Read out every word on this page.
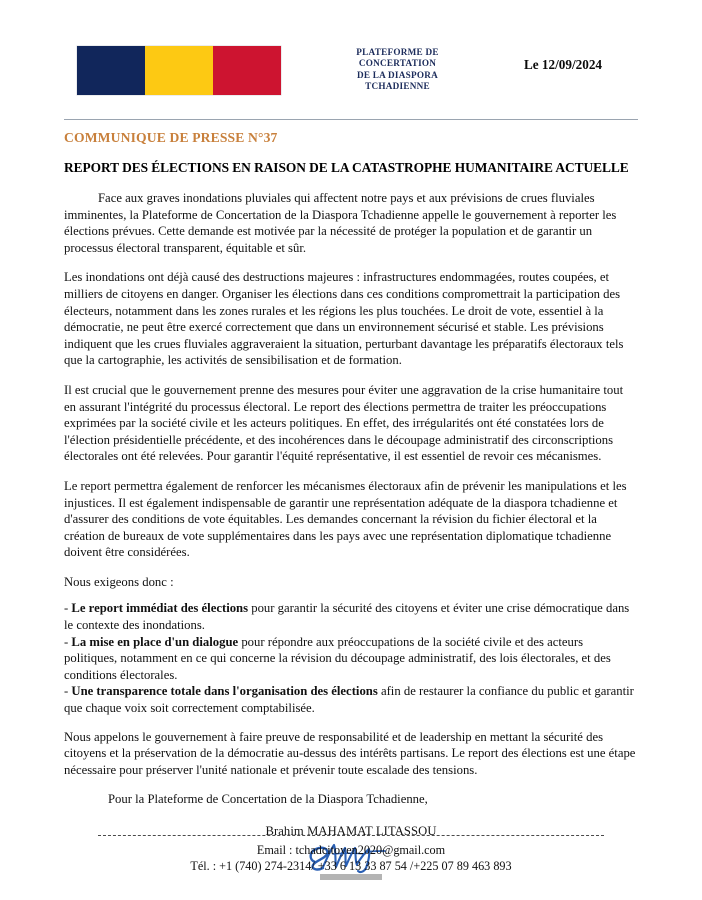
PLATEFORME DE
CONCERTATION
DE LA DIASPORA
TCHADIENNE
Le 12/09/2024
COMMUNIQUE DE PRESSE N°37
REPORT DES ÉLECTIONS EN RAISON DE LA CATASTROPHE HUMANITAIRE ACTUELLE

Face aux graves inondations pluviales qui affectent notre pays et aux prévisions de crues fluviales imminentes, la Plateforme de Concertation de la Diaspora Tchadienne appelle le gouvernement à reporter les élections prévues. Cette demande est motivée par la nécessité de protéger la population et de garantir un processus électoral transparent, équitable et sûr.

Les inondations ont déjà causé des destructions majeures : infrastructures endommagées, routes coupées, et milliers de citoyens en danger. Organiser les élections dans ces conditions compromettrait la participation des électeurs, notamment dans les zones rurales et les régions les plus touchées. Le droit de vote, essentiel à la démocratie, ne peut être exercé correctement que dans un environnement sécurisé et stable. Les prévisions indiquent que les crues fluviales aggraveraient la situation, perturbant davantage les préparatifs électoraux tels que la cartographie, les activités de sensibilisation et de formation.

Il est crucial que le gouvernement prenne des mesures pour éviter une aggravation de la crise humanitaire tout en assurant l'intégrité du processus électoral. Le report des élections permettra de traiter les préoccupations exprimées par la société civile et les acteurs politiques. En effet, des irrégularités ont été constatées lors de l'élection présidentielle précédente, et des incohérences dans le découpage administratif des circonscriptions électorales ont été relevées. Pour garantir l'équité représentative, il est essentiel de revoir ces mécanismes.

Le report permettra également de renforcer les mécanismes électoraux afin de prévenir les manipulations et les injustices. Il est également indispensable de garantir une représentation adéquate de la diaspora tchadienne et d'assurer des conditions de vote équitables. Les demandes concernant la révision du fichier électoral et la création de bureaux de vote supplémentaires dans les pays avec une représentation diplomatique tchadienne doivent être considérées.

Nous exigeons donc :

- Le report immédiat des élections pour garantir la sécurité des citoyens et éviter une crise démocratique dans le contexte des inondations.

- La mise en place d'un dialogue pour répondre aux préoccupations de la société civile et des acteurs politiques, notamment en ce qui concerne la révision du découpage administratif, des lois électorales, et des conditions électorales.

- Une transparence totale dans l'organisation des élections afin de restaurer la confiance du public et garantir que chaque voix soit correctement comptabilisée.

Nous appelons le gouvernement à faire preuve de responsabilité et de leadership en mettant la sécurité des citoyens et la préservation de la démocratie au-dessus des intérêts partisans. Le report des élections est une étape nécessaire pour préserver l'unité nationale et prévenir toute escalade des tensions.

Pour la Plateforme de Concertation de la Diaspora Tchadienne,

Brahim MAHAMAT LITASSOU
Email : tchadcitoyen2020@gmail.com
Tél. : +1 (740) 274-2314/ +33 6 13 33 87 54 /+225 07 89 463 893
